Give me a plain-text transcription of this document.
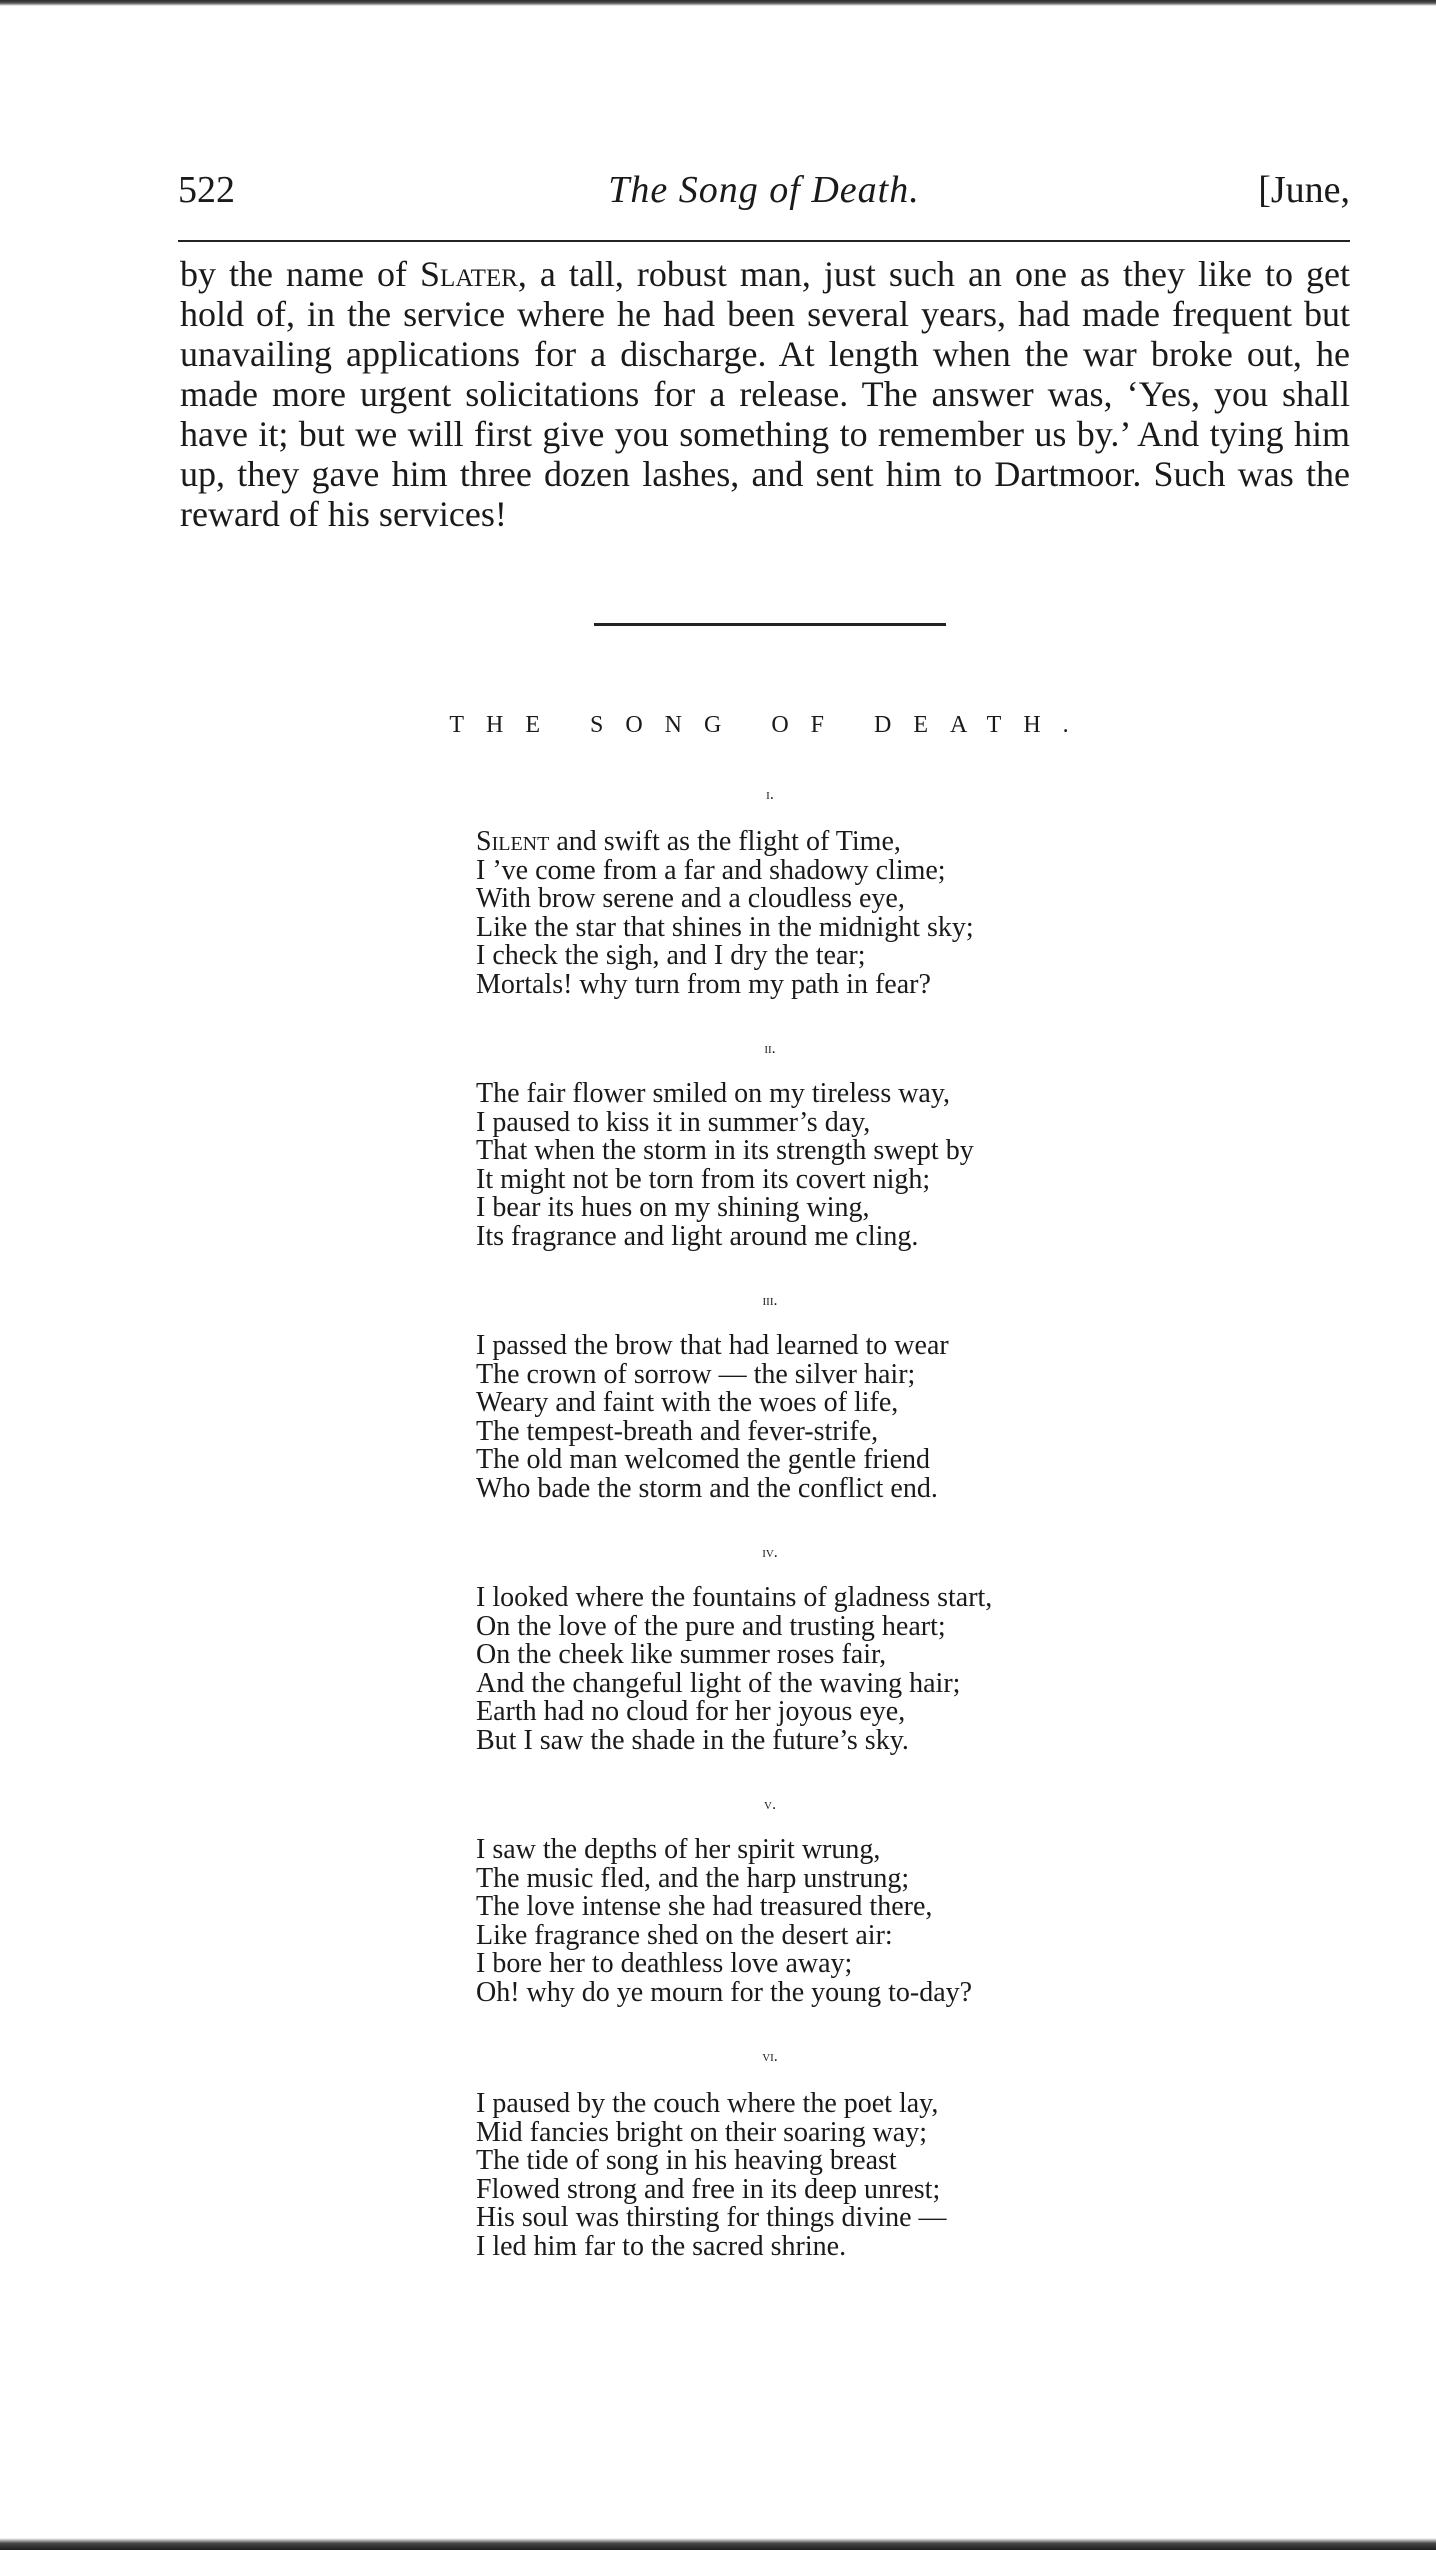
522	The Song of Death.	[June,

by the name of Slater, a tall, robust man, just such an one as they like to get hold of, in the service where he had been several years, had made frequent but unavailing applications for a discharge. At length when the war broke out, he made more urgent solicitations for a release. The answer was, ‘Yes, you shall have it; but we will first give you something to remember us by.’ And tying him up, they gave him three dozen lashes, and sent him to Dartmoor. Such was the reward of his services!

THE SONG OF DEATH.
i.
Silent and swift as the flight of Time,
I ’ve come from a far and shadowy clime;
With brow serene and a cloudless eye,
Like the star that shines in the midnight sky;
I check the sigh, and I dry the tear;
Mortals! why turn from my path in fear?
ii.
The fair flower smiled on my tireless way,
I paused to kiss it in summer’s day,
That when the storm in its strength swept by
It might not be torn from its covert nigh;
I bear its hues on my shining wing,
Its fragrance and light around me cling.
iii.
I passed the brow that had learned to wear
The crown of sorrow — the silver hair;
Weary and faint with the woes of life,
The tempest-breath and fever-strife,
The old man welcomed the gentle friend
Who bade the storm and the conflict end.
iv.
I looked where the fountains of gladness start,
On the love of the pure and trusting heart;
On the cheek like summer roses fair,
And the changeful light of the waving hair;
Earth had no cloud for her joyous eye,
But I saw the shade in the future’s sky.
v.
I saw the depths of her spirit wrung,
The music fled, and the harp unstrung;
The love intense she had treasured there,
Like fragrance shed on the desert air:
I bore her to deathless love away;
Oh! why do ye mourn for the young to-day?
vi.
I paused by the couch where the poet lay,
Mid fancies bright on their soaring way;
The tide of song in his heaving breast
Flowed strong and free in its deep unrest;
His soul was thirsting for things divine —
I led him far to the sacred shrine.
